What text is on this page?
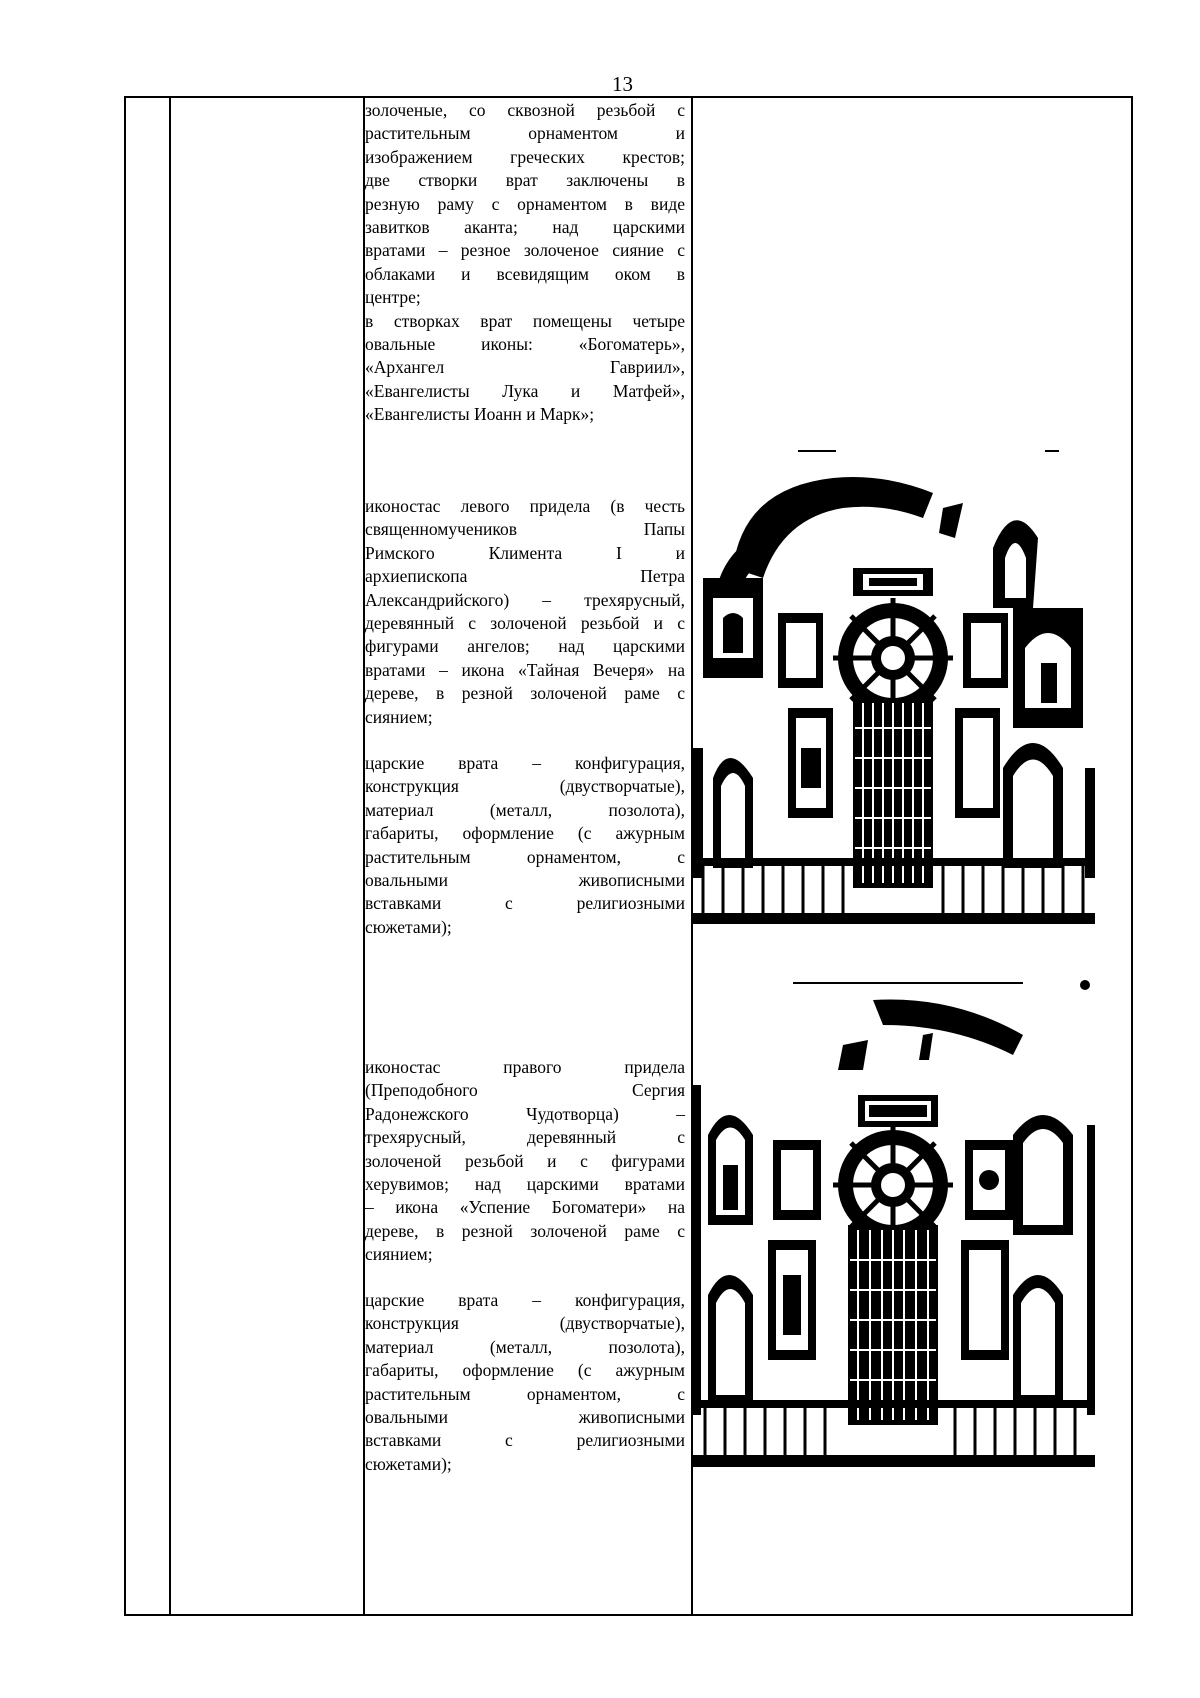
13

золоченые, со сквозной резьбой с

растительным орнаментом и

изображением греческих крестов;

две створки врат заключены в

резную раму с орнаментом в виде

завитков аканта; над царскими

вратами – резное золоченое сияние с

облаками и всевидящим оком в

центре;

в створках врат помещены четыре

овальные иконы: «Богоматерь»,

«Архангел Гавриил»,

«Евангелисты Лука и Матфей»,

«Евангелисты Иоанн и Марк»;

иконостас левого придела (в честь

священномучеников Папы

Римского Климента I и

архиепископа Петра

Александрийского) – трехярусный,

деревянный с золоченой резьбой и с

фигурами ангелов; над царскими

вратами – икона «Тайная Вечеря» на

дереве, в резной золоченой раме с

сиянием;

царские врата – конфигурация,

конструкция (двустворчатые),

материал (металл, позолота),

габариты, оформление (с ажурным

растительным орнаментом, с

овальными живописными

вставками с религиозными

сюжетами);

иконостас правого придела

(Преподобного Сергия

Радонежского Чудотворца) –

трехярусный, деревянный с

золоченой резьбой и с фигурами

херувимов; над царскими вратами

– икона «Успение Богоматери» на

дереве, в резной золоченой раме с

сиянием;

царские врата – конфигурация,

конструкция (двустворчатые),

материал (металл, позолота),

габариты, оформление (с ажурным

растительным орнаментом, с

овальными живописными

вставками с религиозными

сюжетами);
